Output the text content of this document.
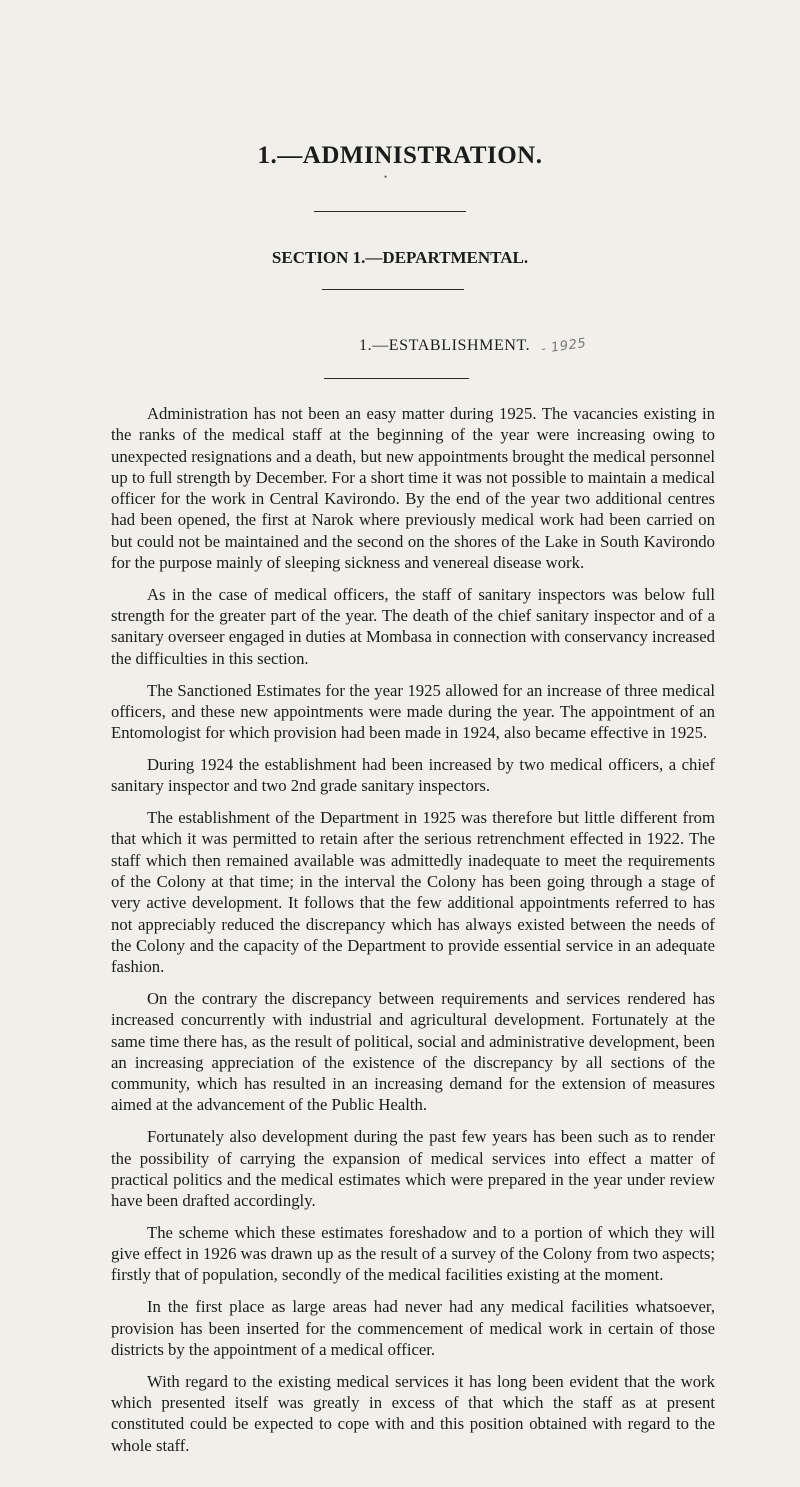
1.—ADMINISTRATION.
•
SECTION 1.—DEPARTMENTAL.

1.—ESTABLISHMENT. - 1925

Administration has not been an easy matter during 1925. The vacancies existing in the ranks of the medical staff at the beginning of the year were increasing owing to unexpected resignations and a death, but new appointments brought the medical personnel up to full strength by December. For a short time it was not possible to maintain a medical officer for the work in Central Kavirondo. By the end of the year two additional centres had been opened, the first at Narok where previously medical work had been carried on but could not be maintained and the second on the shores of the Lake in South Kavirondo for the purpose mainly of sleeping sickness and venereal disease work.

As in the case of medical officers, the staff of sanitary inspectors was below full strength for the greater part of the year. The death of the chief sanitary inspector and of a sanitary overseer engaged in duties at Mombasa in connection with conservancy increased the difficulties in this section.

The Sanctioned Estimates for the year 1925 allowed for an increase of three medical officers, and these new appointments were made during the year. The appointment of an Entomologist for which provision had been made in 1924, also became effective in 1925.

During 1924 the establishment had been increased by two medical officers, a chief sanitary inspector and two 2nd grade sanitary inspectors.

The establishment of the Department in 1925 was therefore but little different from that which it was permitted to retain after the serious retrenchment effected in 1922. The staff which then remained available was admittedly inadequate to meet the requirements of the Colony at that time; in the interval the Colony has been going through a stage of very active development. It follows that the few additional appointments referred to has not appreciably reduced the discrepancy which has always existed between the needs of the Colony and the capacity of the Department to provide essential service in an adequate fashion.

On the contrary the discrepancy between requirements and services rendered has increased concurrently with industrial and agricultural development. Fortunately at the same time there has, as the result of political, social and administrative development, been an increasing appreciation of the existence of the discrepancy by all sections of the community, which has resulted in an increasing demand for the extension of measures aimed at the advancement of the Public Health.

Fortunately also development during the past few years has been such as to render the possibility of carrying the expansion of medical services into effect a matter of practical politics and the medical estimates which were prepared in the year under review have been drafted accordingly.

The scheme which these estimates foreshadow and to a portion of which they will give effect in 1926 was drawn up as the result of a survey of the Colony from two aspects; firstly that of population, secondly of the medical facilities existing at the moment.

In the first place as large areas had never had any medical facilities whatsoever, provision has been inserted for the commencement of medical work in certain of those districts by the appointment of a medical officer.

With regard to the existing medical services it has long been evident that the work which presented itself was greatly in excess of that which the staff as at present constituted could be expected to cope with and this position obtained with regard to the whole staff.
